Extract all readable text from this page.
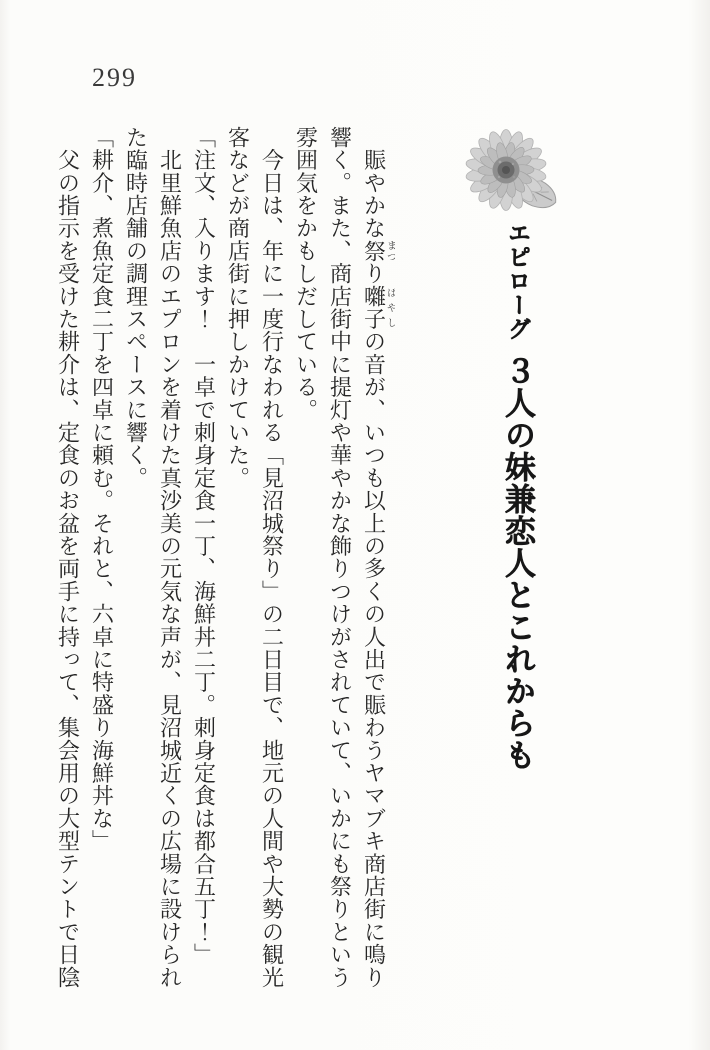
299
エピローグ３人の妹兼恋人とこれからも

　賑やかな祭まつり囃子ばやしの音が、いつも以上の多くの人出で賑わうヤマブキ商店街に鳴り

響く。また、商店街中に提灯や華やかな飾りつけがされていて、いかにも祭りという

雰囲気をかもしだしている。

　今日は、年に一度行なわれる「見沼城祭り」の二日目で、地元の人間や大勢の観光

客などが商店街に押しかけていた。

「注文、入ります！　一卓で刺身定食一丁、海鮮丼二丁。刺身定食は都合五丁！」

　北里鮮魚店のエプロンを着けた真沙美の元気な声が、見沼城近くの広場に設けられ

た臨時店舗の調理スペースに響く。

「耕介、煮魚定食二丁を四卓に頼む。それと、六卓に特盛り海鮮丼な」

　父の指示を受けた耕介は、定食のお盆を両手に持って、集会用の大型テントで日陰
